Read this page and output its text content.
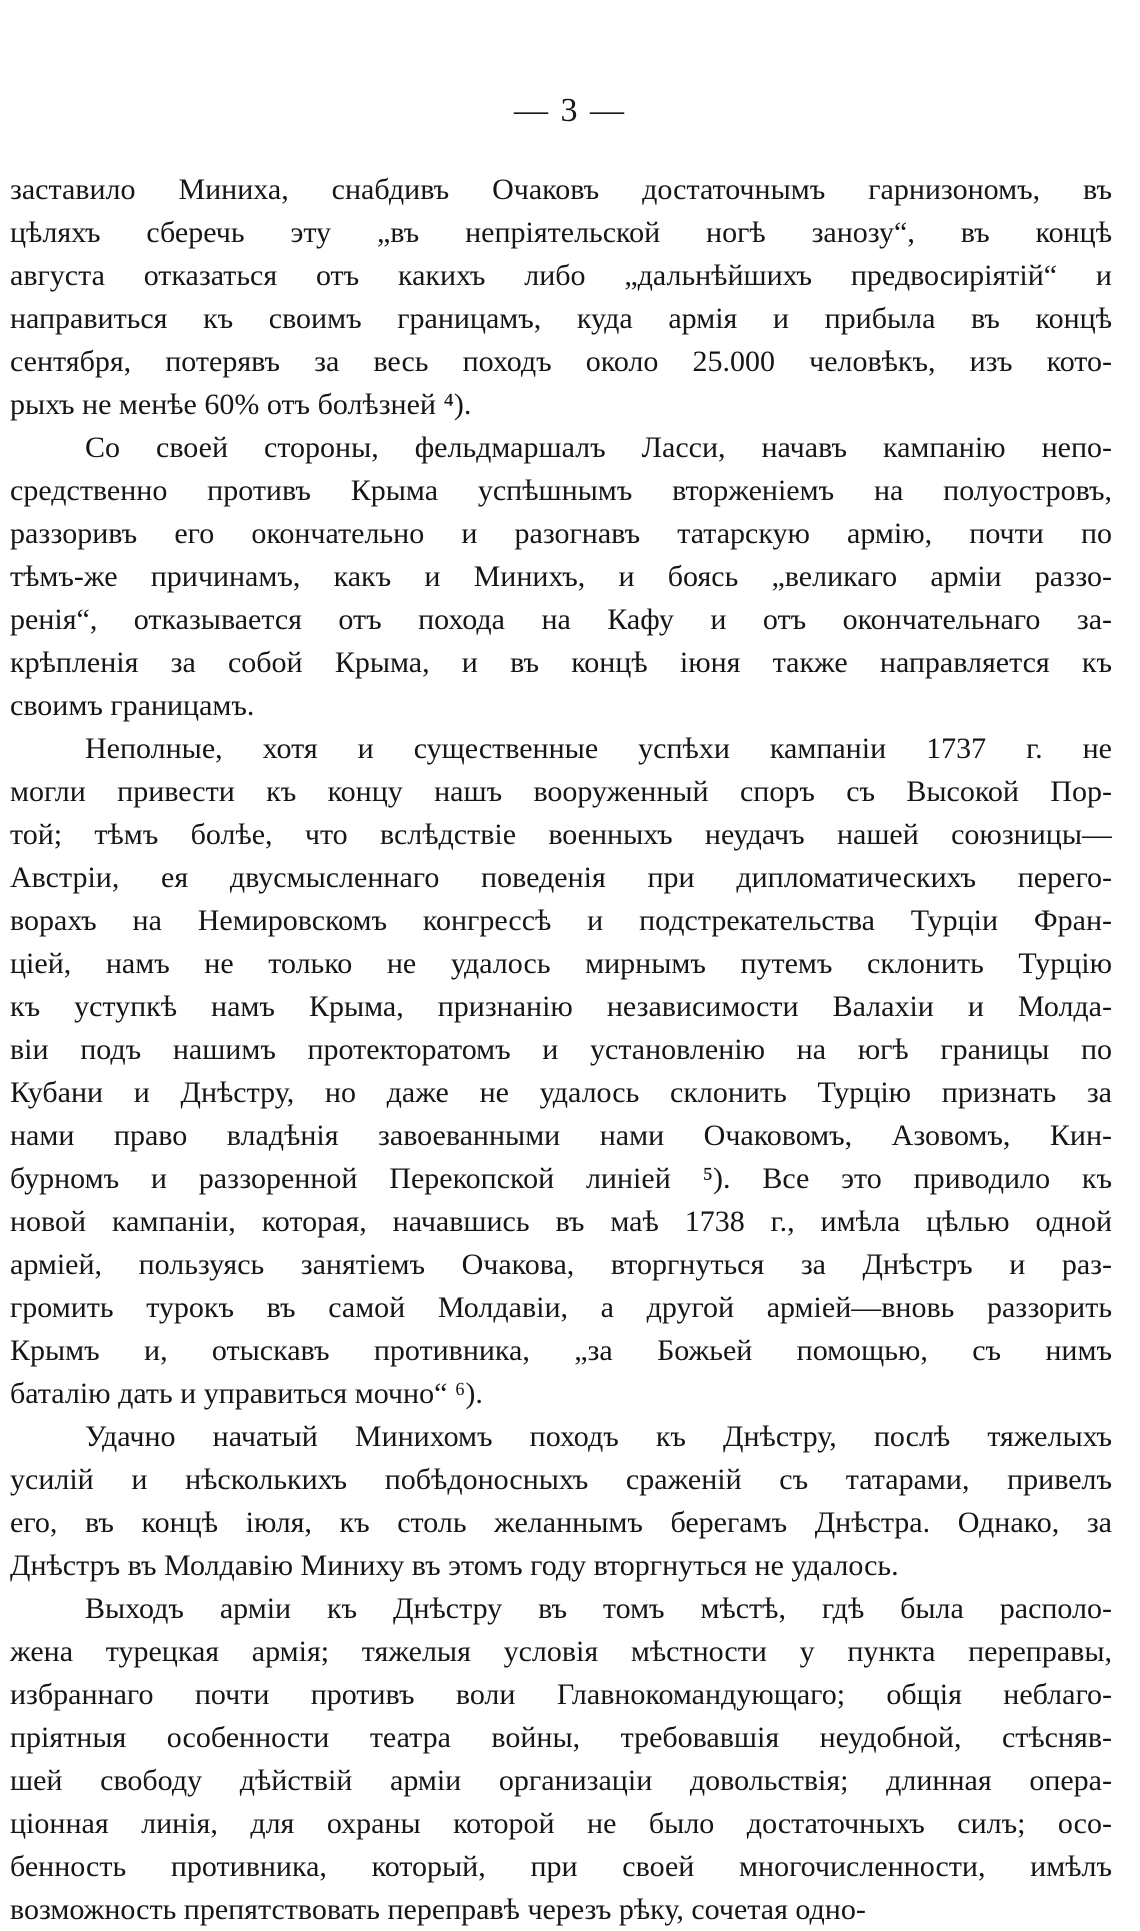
— 3 —
заставило Миниха, снабдивъ Очаковъ достаточнымъ гарнизономъ, въ
цѣляхъ сберечь эту „въ непріятельской ногѣ занозу“, въ концѣ
августа отказаться отъ какихъ либо „дальнѣйшихъ предвосиріятій“ и
направиться къ своимъ границамъ, куда армія и прибыла въ концѣ
сентября, потерявъ за весь походъ около 25.000 человѣкъ, изъ кото-
рыхъ не менѣе 60% отъ болѣзней ⁴).
Со своей стороны, фельдмаршалъ Ласси, начавъ кампанію непо-
средственно противъ Крыма успѣшнымъ вторженіемъ на полуостровъ,
раззоривъ его окончательно и разогнавъ татарскую армію, почти по
тѣмъ-же причинамъ, какъ и Минихъ, и боясь „великаго арміи раззо-
ренія“, отказывается отъ похода на Кафу и отъ окончательнаго за-
крѣпленія за собой Крыма, и въ концѣ іюня также направляется къ
своимъ границамъ.
Неполные, хотя и существенные успѣхи кампаніи 1737 г. не
могли привести къ концу нашъ вооруженный споръ съ Высокой Пор-
той; тѣмъ болѣе, что вслѣдствіе военныхъ неудачъ нашей союзницы—
Австріи, ея двусмысленнаго поведенія при дипломатическихъ перего-
ворахъ на Немировскомъ конгрессѣ и подстрекательства Турціи Фран-
ціей, намъ не только не удалось мирнымъ путемъ склонить Турцію
къ уступкѣ намъ Крыма, признанію независимости Валахіи и Молда-
віи подъ нашимъ протекторатомъ и установленію на югѣ границы по
Кубани и Днѣстру, но даже не удалось склонить Турцію признать за
нами право владѣнія завоеванными нами Очаковомъ, Азовомъ, Кин-
бурномъ и раззоренной Перекопской линіей ⁵). Все это приводило къ
новой кампаніи, которая, начавшись въ маѣ 1738 г., имѣла цѣлью одной
арміей, пользуясь занятіемъ Очакова, вторгнуться за Днѣстръ и раз-
громить турокъ въ самой Молдавіи, а другой арміей—вновь раззорить
Крымъ и, отыскавъ противника, „за Божьей помощью, съ нимъ
баталію дать и управиться мочно“ ⁶).
Удачно начатый Минихомъ походъ къ Днѣстру, послѣ тяжелыхъ
усилій и нѣсколькихъ побѣдоносныхъ сраженій съ татарами, привелъ
его, въ концѣ іюля, къ столь желаннымъ берегамъ Днѣстра. Однако, за
Днѣстръ въ Молдавію Миниху въ этомъ году вторгнуться не удалось.
Выходъ арміи къ Днѣстру въ томъ мѣстѣ, гдѣ была располо-
жена турецкая армія; тяжелыя условія мѣстности у пункта переправы,
избраннаго почти противъ воли Главнокомандующаго; общія неблаго-
пріятныя особенности театра войны, требовавшія неудобной, стѣсняв-
шей свободу дѣйствій арміи организаціи довольствія; длинная опера-
ціонная линія, для охраны которой не было достаточныхъ силъ; осо-
бенность противника, который, при своей многочисленности, имѣлъ
возможность препятствовать переправѣ черезъ рѣку, сочетая одно-
